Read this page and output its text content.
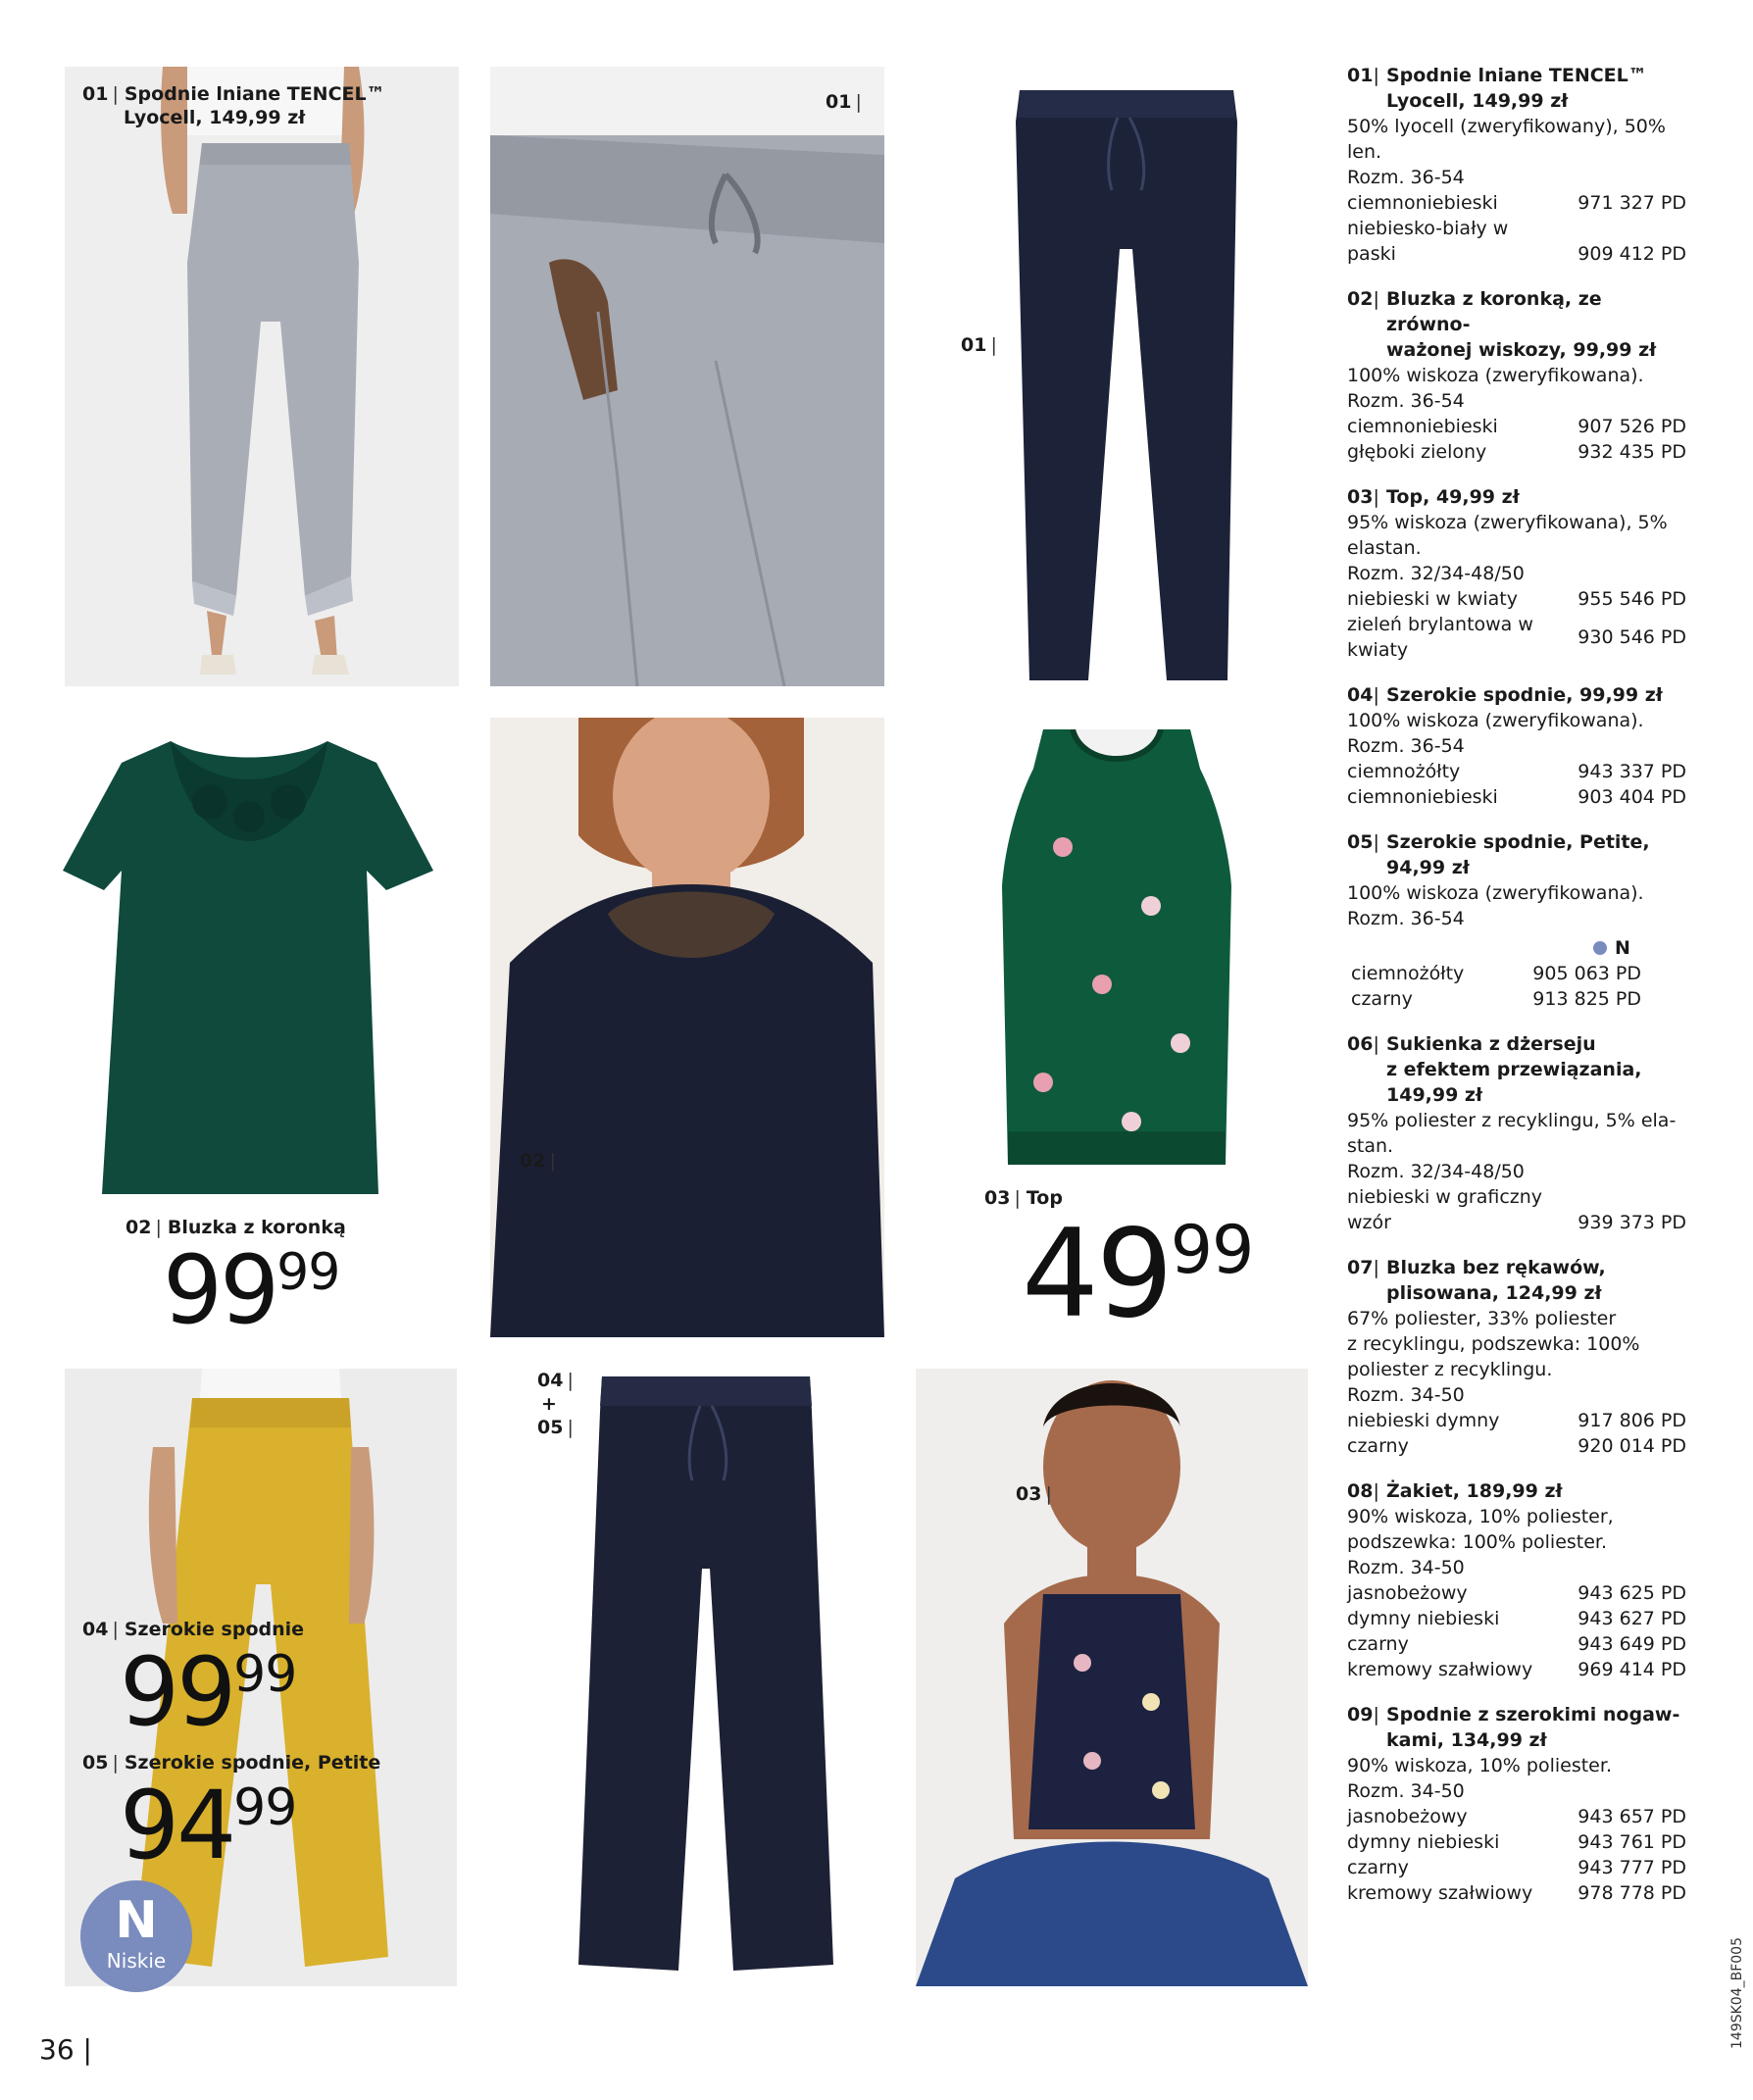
01 | Spodnie lniane TENCEL™
Lyocell, 149,99 zł
01 |
01 |
02 | Bluzka z koronką
9999
02 |
03 | Top
4999
04 | Szerokie spodnie
9999
05 | Szerokie spodnie, Petite
9499
N
Niskie
04 |
+
05 |
03 |
01| Spodnie lniane TENCEL™
Lyocell, 149,99 zł
50% lyocell (zweryfikowany), 50%
len.
Rozm. 36-54
ciemnoniebieski	971 327 PD
niebiesko-biały w paski	909 412 PD
02| Bluzka z koronką, ze zrówno-
ważonej wiskozy, 99,99 zł
100% wiskoza (zweryfikowana).
Rozm. 36-54
ciemnoniebieski	907 526 PD
głęboki zielony	932 435 PD
03| Top, 49,99 zł
95% wiskoza (zweryfikowana), 5%
elastan.
Rozm. 32/34-48/50
niebieski w kwiaty	955 546 PD
zieleń brylantowa w kwiaty
930 546 PD
04| Szerokie spodnie, 99,99 zł
100% wiskoza (zweryfikowana).
Rozm. 36-54
ciemnożółty	943 337 PD
ciemnoniebieski	903 404 PD
05| Szerokie spodnie, Petite,
94,99 zł
100% wiskoza (zweryfikowana).
Rozm. 36-54
N
ciemnożółty	905 063 PD
czarny	913 825 PD
06| Sukienka z dżerseju
z efektem przewiązania,
149,99 zł
95% poliester z recyklingu, 5% ela-
stan.
Rozm. 32/34-48/50
niebieski w graficzny wzór	939 373 PD
07| Bluzka bez rękawów,
plisowana, 124,99 zł
67% poliester, 33% poliester
z recyklingu, podszewka: 100%
poliester z recyklingu.
Rozm. 34-50
niebieski dymny	917 806 PD
czarny	920 014 PD
08| Żakiet, 189,99 zł
90% wiskoza, 10% poliester,
podszewka: 100% poliester.
Rozm. 34-50
jasnobeżowy	943 625 PD
dymny niebieski	943 627 PD
czarny	943 649 PD
kremowy szałwiowy 969 414 PD
09| Spodnie z szerokimi nogaw-
kami, 134,99 zł
90% wiskoza, 10% poliester.
Rozm. 34-50
jasnobeżowy	943 657 PD
dymny niebieski	943 761 PD
czarny	943 777 PD
kremowy szałwiowy 978 778 PD
36 |
149SK04_BF005
